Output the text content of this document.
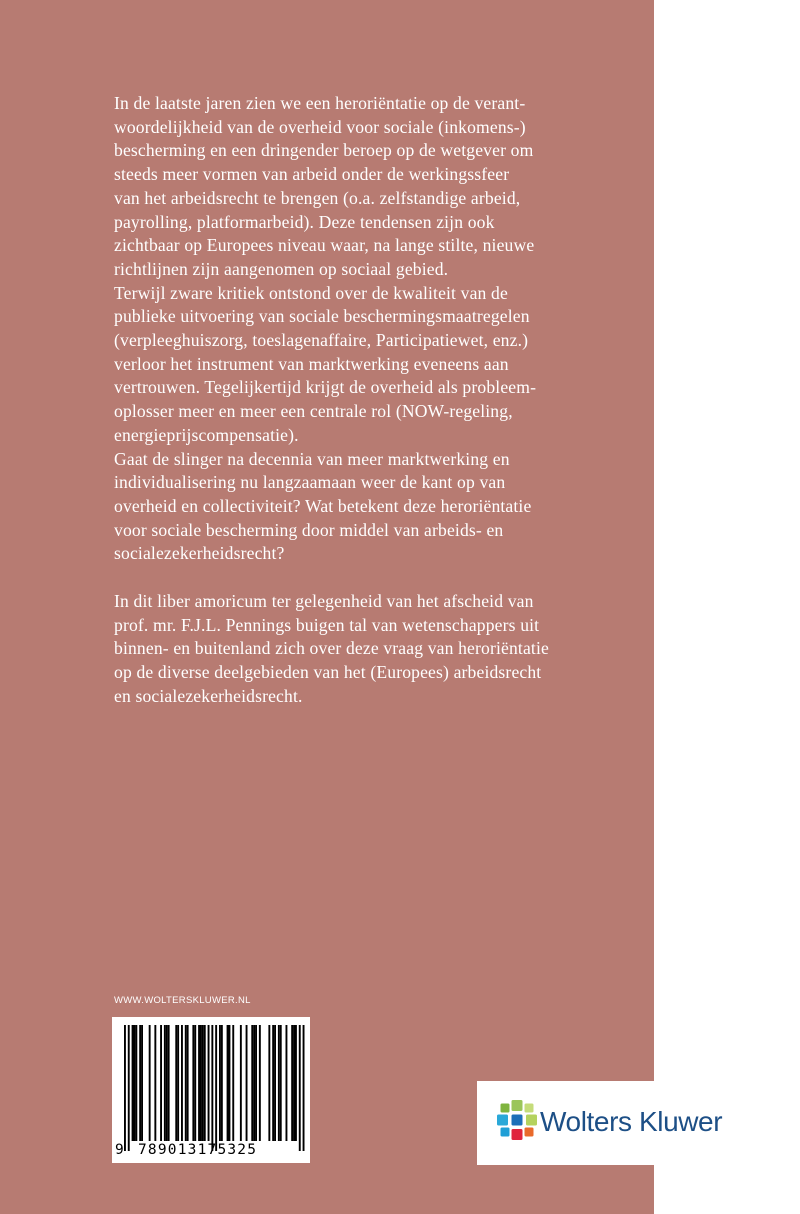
In de laatste jaren zien we een heroriëntatie op de verant-
woordelijkheid van de overheid voor sociale (inkomens-)
bescherming en een dringender beroep op de wetgever om
steeds meer vormen van arbeid onder de werkingssfeer
van het arbeidsrecht te brengen (o.a. zelfstandige arbeid,
payrolling, platformarbeid). Deze tendensen zijn ook
zichtbaar op Europees niveau waar, na lange stilte, nieuwe
richtlijnen zijn aangenomen op sociaal gebied.
Terwijl zware kritiek ontstond over de kwaliteit van de
publieke uitvoering van sociale beschermingsmaatregelen
(verpleeghuiszorg, toeslagenaffaire, Participatiewet, enz.)
verloor het instrument van marktwerking eveneens aan
vertrouwen. Tegelijkertijd krijgt de overheid als probleem-
oplosser meer en meer een centrale rol (NOW-regeling,
energieprijscompensatie).
Gaat de slinger na decennia van meer marktwerking en
individualisering nu langzaamaan weer de kant op van
overheid en collectiviteit? Wat betekent deze heroriëntatie
voor sociale bescherming door middel van arbeids- en
socialezekerheidsrecht?
In dit liber amoricum ter gelegenheid van het afscheid van
prof. mr. F.J.L. Pennings buigen tal van wetenschappers uit
binnen- en buitenland zich over deze vraag van heroriëntatie
op de diverse deelgebieden van het (Europees) arbeidsrecht
en socialezekerheidsrecht.
WWW.WOLTERSKLUWER.NL
9 789013175325
Wolters Kluwer
